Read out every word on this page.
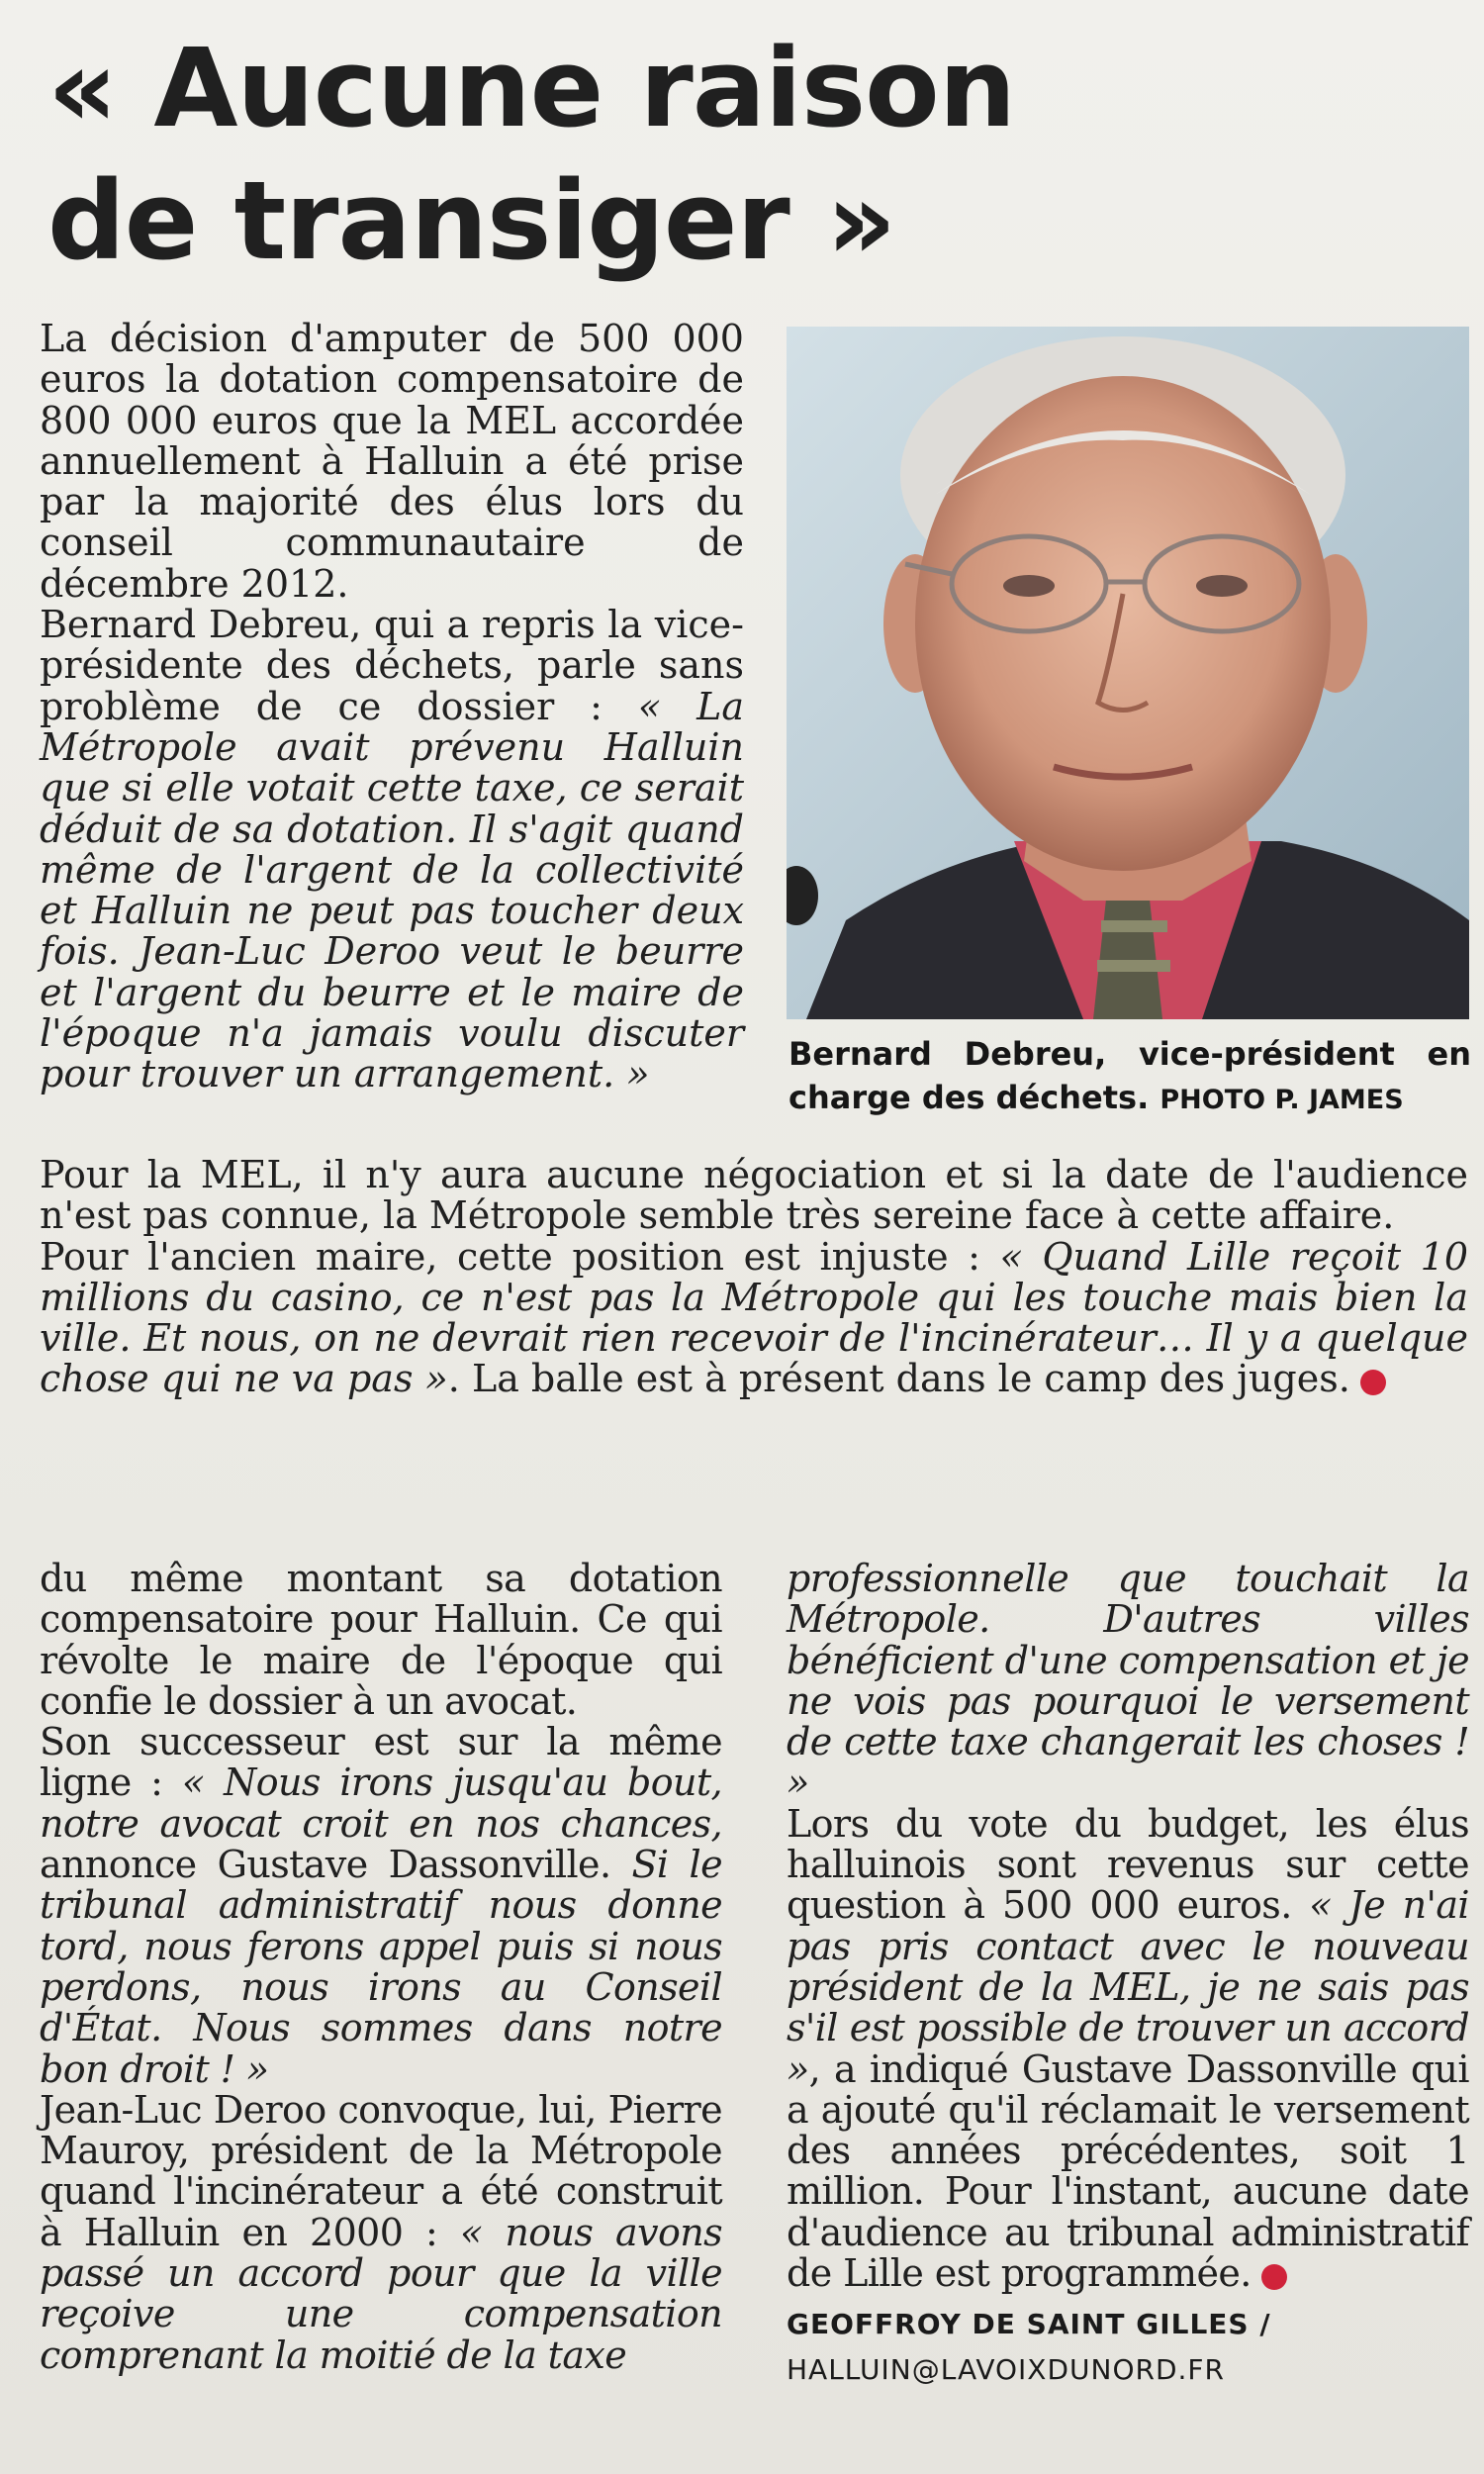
« Aucune raison
de transiger »

La décision d'amputer de 500 000 euros la dotation compensatoire de 800 000 euros que la MEL accordée annuellement à Halluin a été prise par la majorité des élus lors du conseil communautaire de décembre 2012.

Bernard Debreu, qui a repris la vice-présidente des déchets, parle sans problème de ce dossier : « La Métropole avait prévenu Halluin que si elle votait cette taxe, ce serait déduit de sa dotation. Il s'agit quand même de l'argent de la collectivité et Halluin ne peut pas toucher deux fois. Jean-Luc Deroo veut le beurre et l'argent du beurre et le maire de l'époque n'a jamais voulu discuter pour trouver un arrangement. »	Bernard Debreu, vice-président en charge des déchets. PHOTO P. JAMES

Pour la MEL, il n'y aura aucune négociation et si la date de l'audience n'est pas connue, la Métropole semble très sereine face à cette affaire.

Pour l'ancien maire, cette position est injuste : « Quand Lille reçoit 10 millions du casino, ce n'est pas la Métropole qui les touche mais bien la ville. Et nous, on ne devrait rien recevoir de l'incinérateur… Il y a quelque chose qui ne va pas ». La balle est à présent dans le camp des juges.

du même montant sa dotation compensatoire pour Halluin. Ce qui révolte le maire de l'époque qui confie le dossier à un avocat.

Son successeur est sur la même ligne : « Nous irons jusqu'au bout, notre avocat croit en nos chances, annonce Gustave Dassonville. Si le tribunal administratif nous donne tord, nous ferons appel puis si nous perdons, nous irons au Conseil d'État. Nous sommes dans notre bon droit ! »

Jean-Luc Deroo convoque, lui, Pierre Mauroy, président de la Métropole quand l'incinérateur a été construit à Halluin en 2000 : « nous avons passé un accord pour que la ville reçoive une compensation comprenant la moitié de la taxe

professionnelle que touchait la Métropole. D'autres villes bénéficient d'une compensation et je ne vois pas pourquoi le versement de cette taxe changerait les choses ! »

Lors du vote du budget, les élus halluinois sont revenus sur cette question à 500 000 euros. « Je n'ai pas pris contact avec le nouveau président de la MEL, je ne sais pas s'il est possible de trouver un accord », a indiqué Gustave Dassonville qui a ajouté qu'il réclamait le versement des années précédentes, soit 1 million. Pour l'instant, aucune date d'audience au tribunal administratif de Lille est programmée.

GEOFFROY DE SAINT GILLES /
HALLUIN@LAVOIXDUNORD.FR
